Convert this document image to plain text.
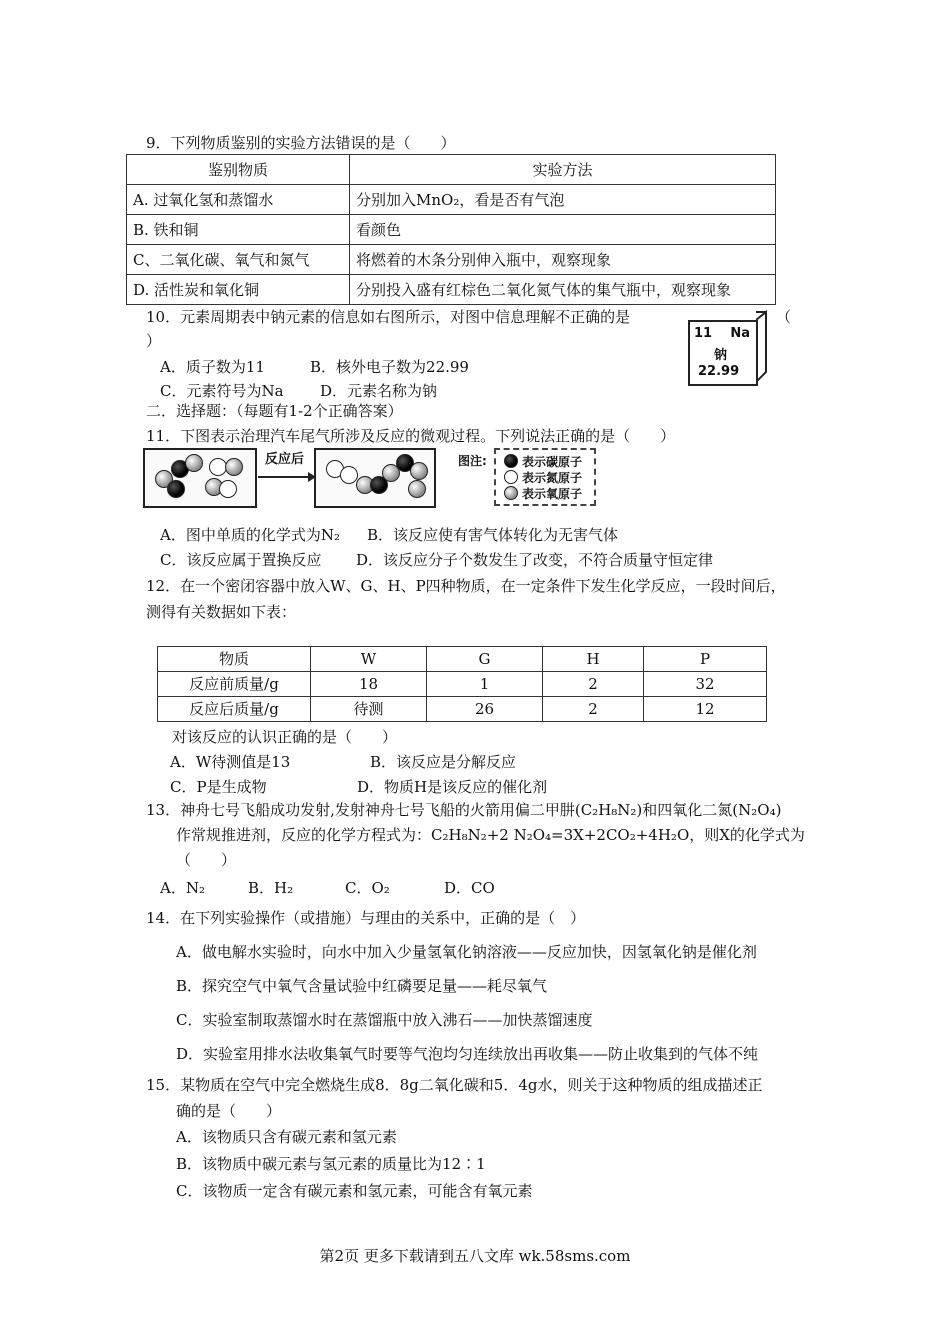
9．下列物质鉴别的实验方法错误的是（　　）
鉴别物质	实验方法
A. 过氧化氢和蒸馏水	分别加入MnO₂，看是否有气泡
B. 铁和铜	看颜色
C、二氧化碳、氧气和氮气	将燃着的木条分别伸入瓶中，观察现象
D. 活性炭和氧化铜	分别投入盛有红棕色二氧化氮气体的集气瓶中，观察现象
10．元素周期表中钠元素的信息如右图所示，对图中信息理解不正确的是	（
）
A．质子数为11	B．核外电子数为22.99
C．元素符号为Na D．元素名称为钠
11 Na
钠
22.99
二．选择题：（每题有1-2个正确答案）
11．下图表示治理汽车尾气所涉及反应的微观过程。下列说法正确的是（　　）
反应后	表示碳原子
表示氮原子
表示氧原子
图注:
A．图中单质的化学式为N₂ B．该反应使有害气体转化为无害气体
C．该反应属于置换反应 D．该反应分子个数发生了改变，不符合质量守恒定律
12．在一个密闭容器中放入W、G、H、P四种物质，在一定条件下发生化学反应，一段时间后，
测得有关数据如下表：
物质	W	G	H	P
反应前质量/g	18	1	2	32
反应后质量/g	待测	26	2	12
对该反应的认识正确的是（　　）
A．W待测值是13	B．该反应是分解反应
C．P是生成物	D．物质H是该反应的催化剂
13．神舟七号飞船成功发射,发射神舟七号飞船的火箭用偏二甲肼(C₂H₈N₂)和四氧化二氮(N₂O₄)
作常规推进剂，反应的化学方程式为：C₂H₈N₂+2 N₂O₄=3X+2CO₂+4H₂O，则X的化学式为
（　　）
A．N₂	B．H₂	C．O₂	D．CO
14．在下列实验操作（或措施）与理由的关系中，正确的是（　）
A．做电解水实验时，向水中加入少量氢氧化钠溶液——反应加快，因氢氧化钠是催化剂
B．探究空气中氧气含量试验中红磷要足量——耗尽氧气
C．实验室制取蒸馏水时在蒸馏瓶中放入沸石——加快蒸馏速度
D．实验室用排水法收集氧气时要等气泡均匀连续放出再收集——防止收集到的气体不纯
15．某物质在空气中完全燃烧生成8．8g二氧化碳和5．4g水，则关于这种物质的组成描述正
确的是（　　）
A．该物质只含有碳元素和氢元素
B．该物质中碳元素与氢元素的质量比为12∶1
C．该物质一定含有碳元素和氢元素，可能含有氧元素
第2页 更多下载请到五八文库 wk.58sms.com
